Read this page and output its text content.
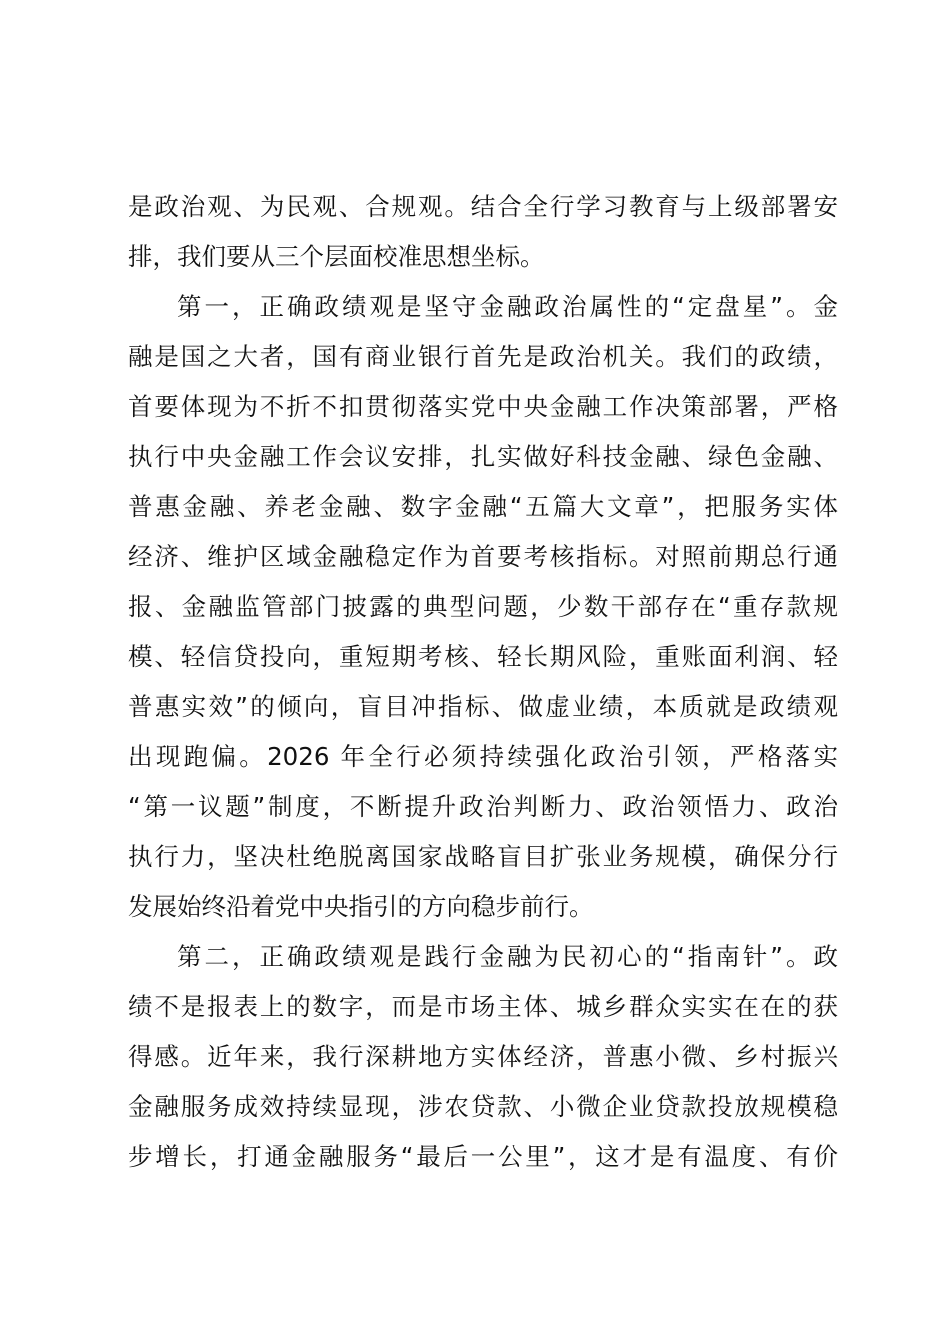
是政治观、为民观、合规观。结合全行学习教育与上级部署安
排，我们要从三个层面校准思想坐标。
第一，正确政绩观是坚守金融政治属性的“定盘星”。金
融是国之大者，国有商业银行首先是政治机关。我们的政绩，
首要体现为不折不扣贯彻落实党中央金融工作决策部署，严格
执行中央金融工作会议安排，扎实做好科技金融、绿色金融、
普惠金融、养老金融、数字金融“五篇大文章”，把服务实体
经济、维护区域金融稳定作为首要考核指标。对照前期总行通
报、金融监管部门披露的典型问题，少数干部存在“重存款规
模、轻信贷投向，重短期考核、轻长期风险，重账面利润、轻
普惠实效”的倾向，盲目冲指标、做虚业绩，本质就是政绩观
出现跑偏。2026 年全行必须持续强化政治引领，严格落实
“第一议题”制度，不断提升政治判断力、政治领悟力、政治
执行力，坚决杜绝脱离国家战略盲目扩张业务规模，确保分行
发展始终沿着党中央指引的方向稳步前行。
第二，正确政绩观是践行金融为民初心的“指南针”。政
绩不是报表上的数字，而是市场主体、城乡群众实实在在的获
得感。近年来，我行深耕地方实体经济，普惠小微、乡村振兴
金融服务成效持续显现，涉农贷款、小微企业贷款投放规模稳
步增长，打通金融服务“最后一公里”，这才是有温度、有价
